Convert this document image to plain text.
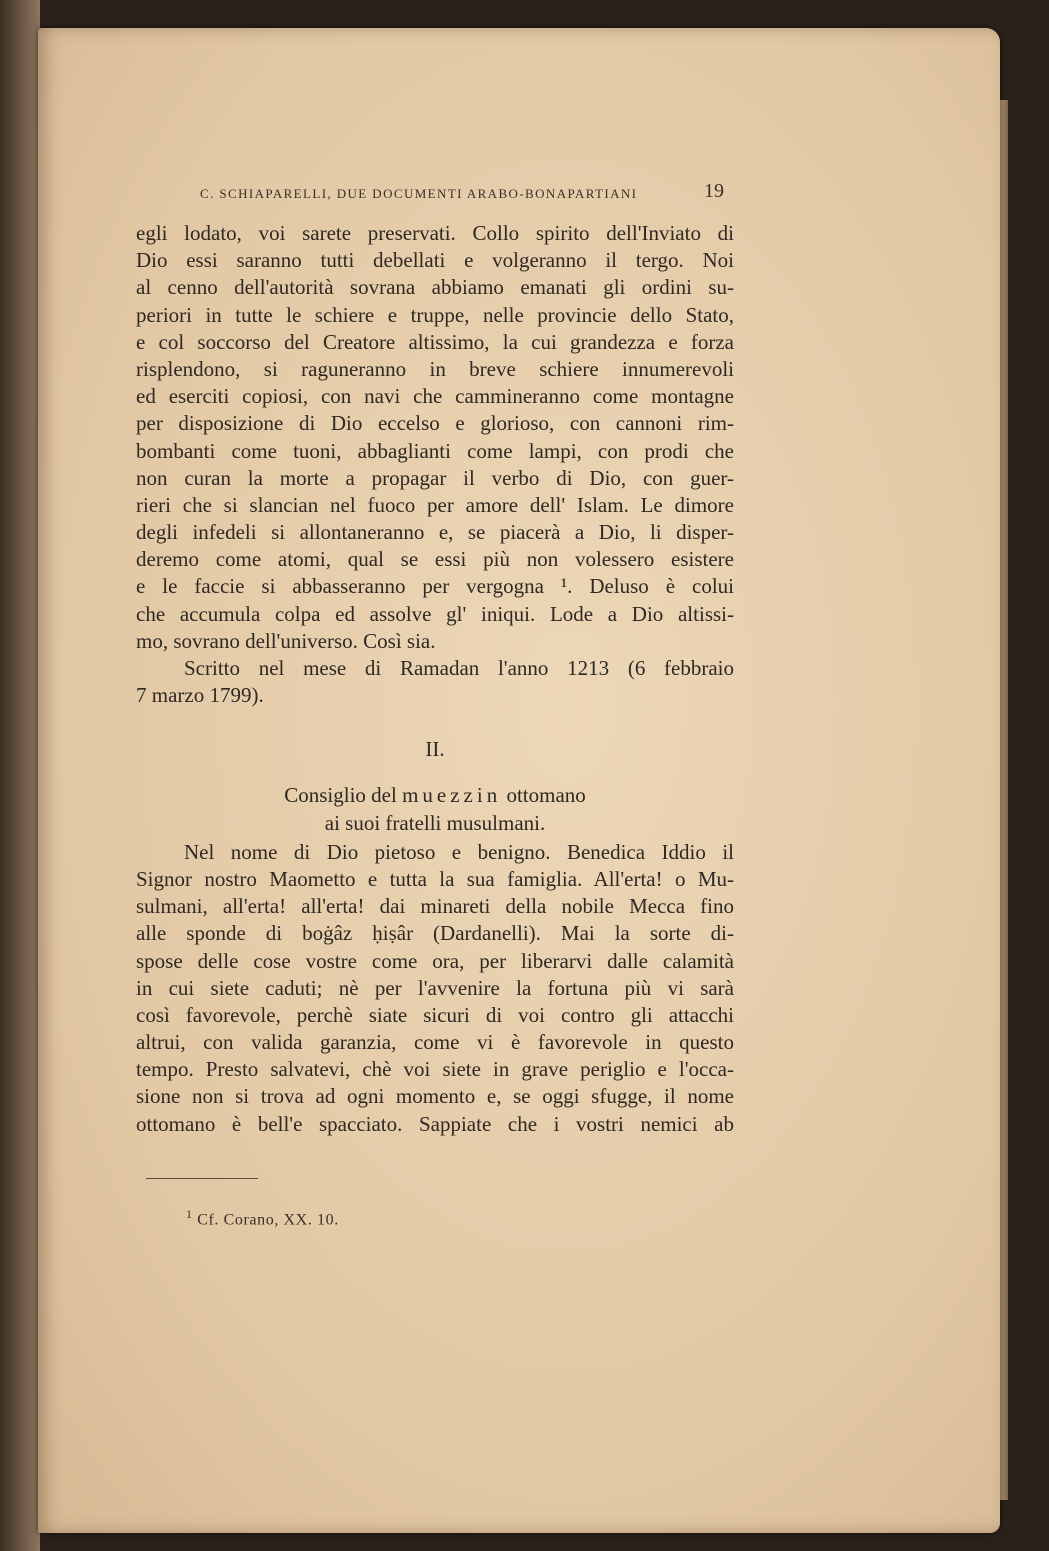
C. SCHIAPARELLI, DUE DOCUMENTI ARABO-BONAPARTIANI	19
egli lodato, voi sarete preservati. Collo spirito dell'Inviato di
Dio essi saranno tutti debellati e volgeranno il tergo. Noi
al cenno dell'autorità sovrana abbiamo emanati gli ordini su-
periori in tutte le schiere e truppe, nelle provincie dello Stato,
e col soccorso del Creatore altissimo, la cui grandezza e forza
risplendono, si raguneranno in breve schiere innumerevoli
ed eserciti copiosi, con navi che cammineranno come montagne
per disposizione di Dio eccelso e glorioso, con cannoni rim-
bombanti come tuoni, abbaglianti come lampi, con prodi che
non curan la morte a propagar il verbo di Dio, con guer-
rieri che si slancian nel fuoco per amore dell' Islam. Le dimore
degli infedeli si allontaneranno e, se piacerà a Dio, li disper-
deremo come atomi, qual se essi più non volessero esistere
e le faccie si abbasseranno per vergogna ¹. Deluso è colui
che accumula colpa ed assolve gl' iniqui. Lode a Dio altissi-
mo, sovrano dell'universo. Così sia.
Scritto nel mese di Ramadan l'anno 1213 (6 febbraio
7 marzo 1799).
II.
Consiglio del muezzin ottomano
ai suoi fratelli musulmani.
Nel nome di Dio pietoso e benigno. Benedica Iddio il
Signor nostro Maometto e tutta la sua famiglia. All'erta! o Mu-
sulmani, all'erta! all'erta! dai minareti della nobile Mecca fino
alle sponde di boġâz ḥiṣâr (Dardanelli). Mai la sorte di-
spose delle cose vostre come ora, per liberarvi dalle calamità
in cui siete caduti; nè per l'avvenire la fortuna più vi sarà
così favorevole, perchè siate sicuri di voi contro gli attacchi
altrui, con valida garanzia, come vi è favorevole in questo
tempo. Presto salvatevi, chè voi siete in grave periglio e l'occa-
sione non si trova ad ogni momento e, se oggi sfugge, il nome
ottomano è bell'e spacciato. Sappiate che i vostri nemici ab
$^1$ Cf. Corano, XX. 10.
